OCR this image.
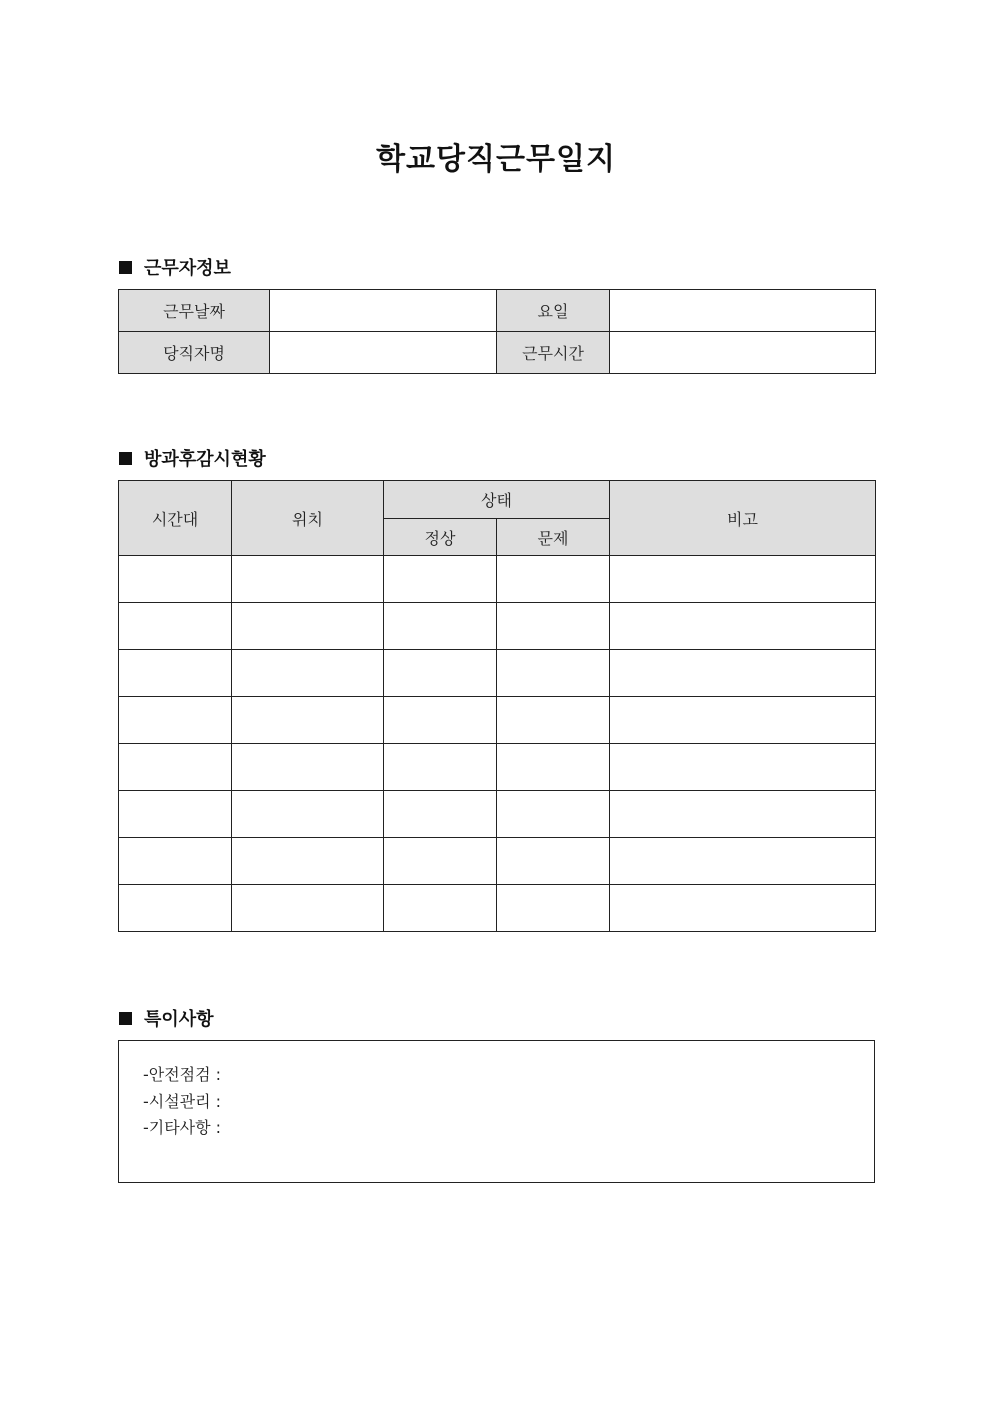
학교당직근무일지
근무자정보
근무날짜		요일	
당직자명		근무시간	
방과후감시현황
시간대	위치	상태		비고
		정상	문제	

특이사항
-안전점검 :
-시설관리 :
-기타사항 :
